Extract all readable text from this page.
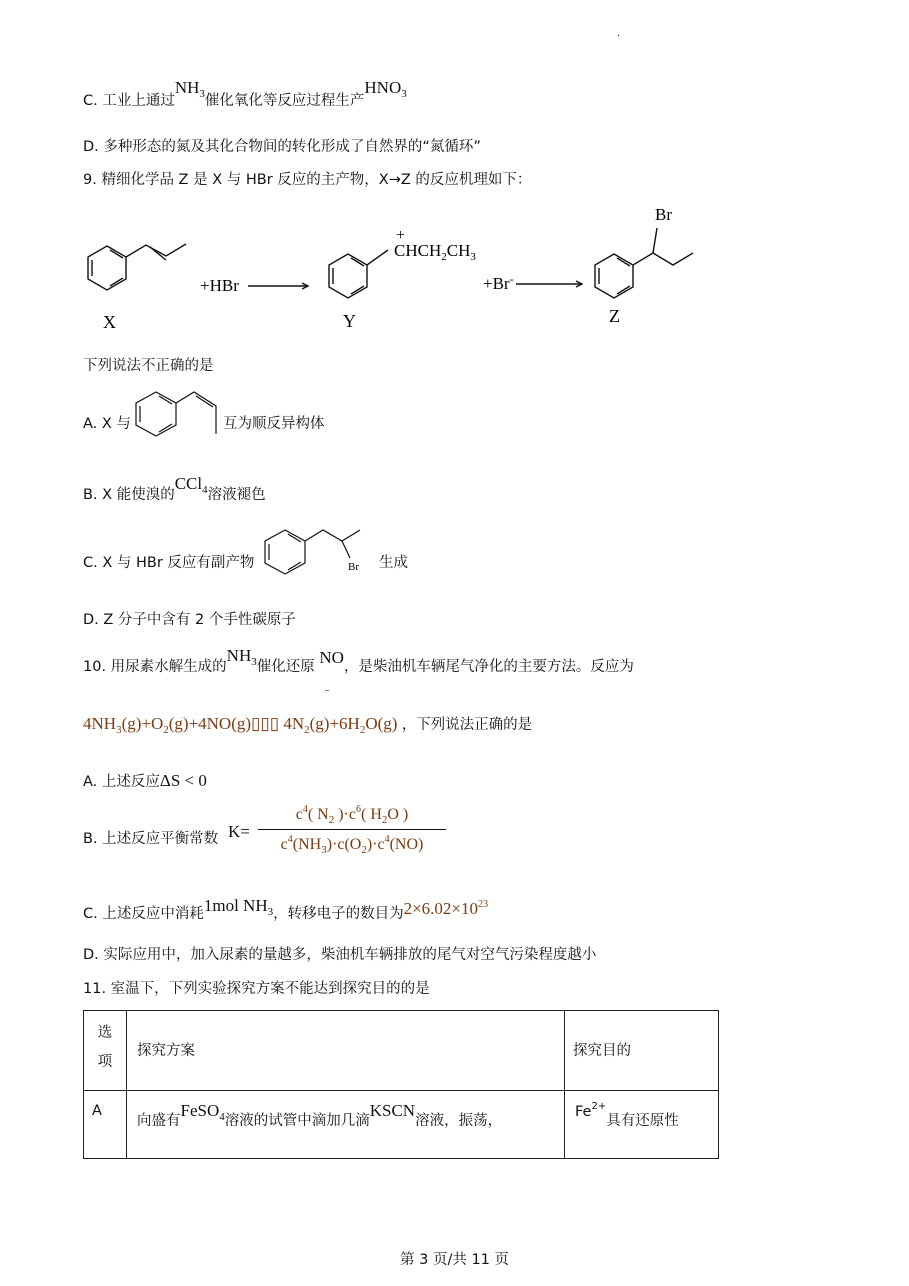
.
C. 工业上通过$NH_3$催化氧化等反应过程生产$HNO_3$
D. 多种形态的氮及其化合物间的转化形成了自然界的“氮循环”
9. 精细化学品 Z 是 X 与 HBr 反应的主产物，X→Z 的反应机理如下：
+HBr
X	Y	Z
+
$CHCH_2CH_3$
+Br-
Br
下列说法不正确的是
A. X 与	互为顺反异构体
B. X 能使溴的CCl$_4$溶液褪色
C. X 与 HBr 反应有副产物	Br 生成
D. Z 分子中含有 2 个手性碳原子
10. 用尿素水解生成的$NH_3$催化还原 NO，是柴油机车辆尾气净化的主要方法。反应为
$4NH_3(g)+O_2(g)+4NO(g)▯▯▯$ $4N_2(g)+6H_2O(g)$ ，下列说法正确的是
A. 上述反应ΔS < 0
B. 上述反应平衡常数 K=
$c^4$( $N_2$ )$\cdot c^6$( $H_2O$ )
$c^4(NH_3)\cdot c(O_2)\cdot c^4(NO)$
C. 上述反应中消耗1mol $NH_3$，转移电子的数目为$2\times 6.02\times 10^{23}$
D. 实际应用中，加入尿素的量越多，柴油机车辆排放的尾气对空气污染程度越小
11. 室温下，下列实验探究方案不能达到探究目的的是
选
项	探究方案	探究目的

A	向盛有FeSO$_4$溶液的试管中滴加几滴KSCN溶液，振荡，	$Fe^{2+}$具有还原性
第 3 页/共 11 页
